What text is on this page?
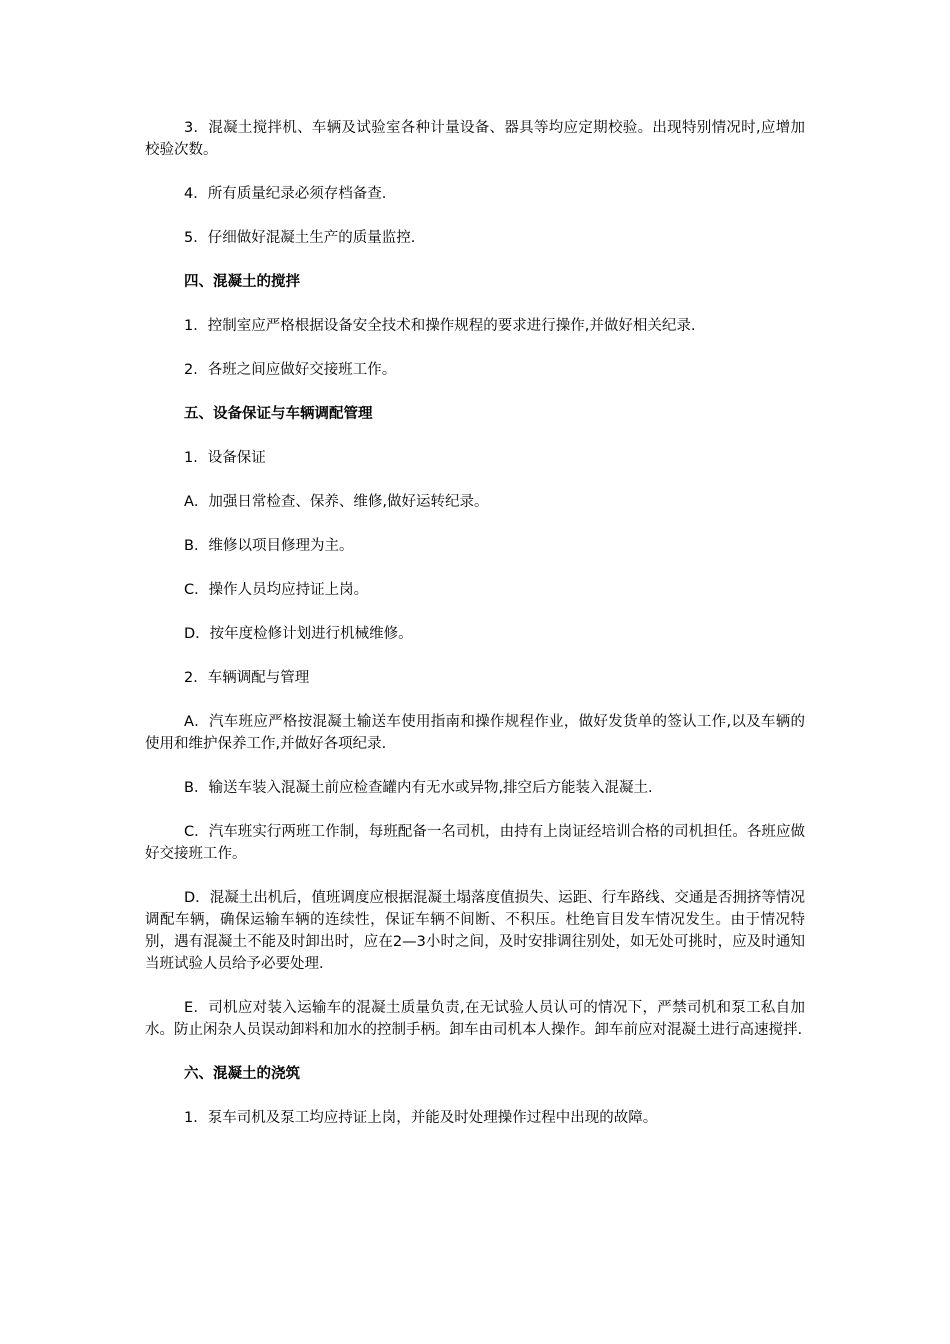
3．混凝土搅拌机、车辆及试验室各种计量设备、器具等均应定期校验。出现特别情况时,应增加校验次数。

4．所有质量纪录必须存档备查.

5．仔细做好混凝土生产的质量监控.

四、混凝土的搅拌

1．控制室应严格根据设备安全技术和操作规程的要求进行操作,并做好相关纪录.

2．各班之间应做好交接班工作。

五、设备保证与车辆调配管理

1．设备保证

A．加强日常检查、保养、维修,做好运转纪录。

B．维修以项目修理为主。

C．操作人员均应持证上岗。

D．按年度检修计划进行机械维修。

2．车辆调配与管理

A．汽车班应严格按混凝土输送车使用指南和操作规程作业，做好发货单的签认工作,以及车辆的使用和维护保养工作,并做好各项纪录.

B．输送车装入混凝土前应检查罐内有无水或异物,排空后方能装入混凝土.

C．汽车班实行两班工作制，每班配备一名司机，由持有上岗证经培训合格的司机担任。各班应做好交接班工作。

D．混凝土出机后，值班调度应根据混凝土塌落度值损失、运距、行车路线、交通是否拥挤等情况调配车辆，确保运输车辆的连续性，保证车辆不间断、不积压。杜绝盲目发车情况发生。由于情况特别，遇有混凝土不能及时卸出时，应在2—3小时之间，及时安排调往别处，如无处可挑时，应及时通知当班试验人员给予必要处理.

E．司机应对装入运输车的混凝土质量负责,在无试验人员认可的情况下，严禁司机和泵工私自加水。防止闲杂人员误动卸料和加水的控制手柄。卸车由司机本人操作。卸车前应对混凝土进行高速搅拌.

六、混凝土的浇筑

1．泵车司机及泵工均应持证上岗，并能及时处理操作过程中出现的故障。
